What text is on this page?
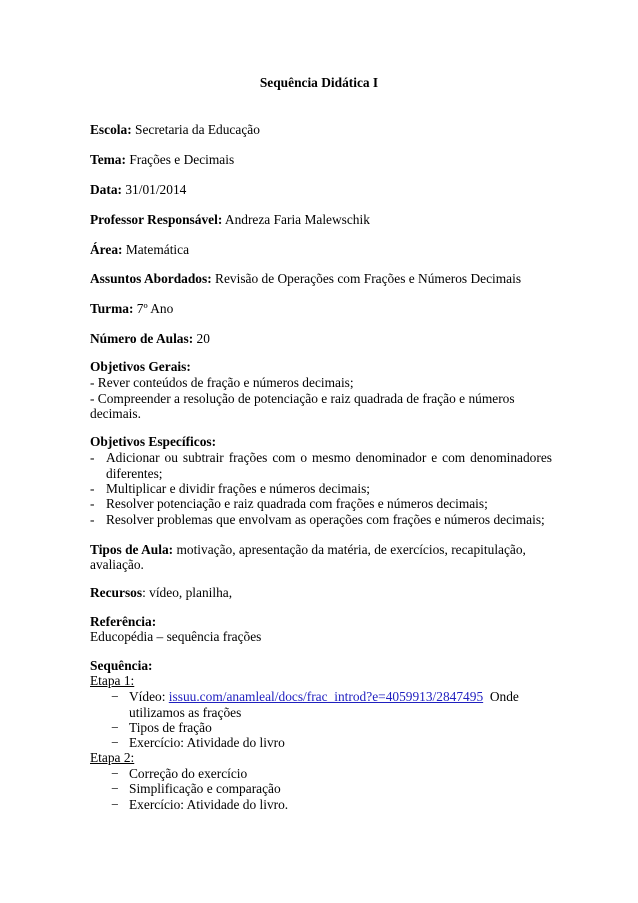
Sequência Didática I
Escola: Secretaria da Educação
Tema: Frações e Decimais
Data: 31/01/2014
Professor Responsável: Andreza Faria Malewschik
Área: Matemática
Assuntos Abordados: Revisão de Operações com Frações e Números Decimais
Turma: 7º Ano
Número de Aulas: 20
Objetivos Gerais:
- Rever conteúdos de fração e números decimais;
- Compreender a resolução de potenciação e raiz quadrada de fração e números
decimais.
Objetivos Específicos:
- Adicionar ou subtrair frações com o mesmo denominador e com denominadores
diferentes;
- Multiplicar e dividir frações e números decimais;
- Resolver potenciação e raiz quadrada com frações e números decimais;
- Resolver problemas que envolvam as operações com frações e números decimais;
Tipos de Aula: motivação, apresentação da matéria, de exercícios, recapitulação,
avaliação.
Recursos: vídeo, planilha,
Referência:
Educopédia – sequência frações
Sequência:
Etapa 1:
− Vídeo: issuu.com/anamleal/docs/frac_introd?e=4059913/2847495  Onde
utilizamos as frações
− Tipos de fração
− Exercício: Atividade do livro
Etapa 2:
− Correção do exercício
− Simplificação e comparação
− Exercício: Atividade do livro.
